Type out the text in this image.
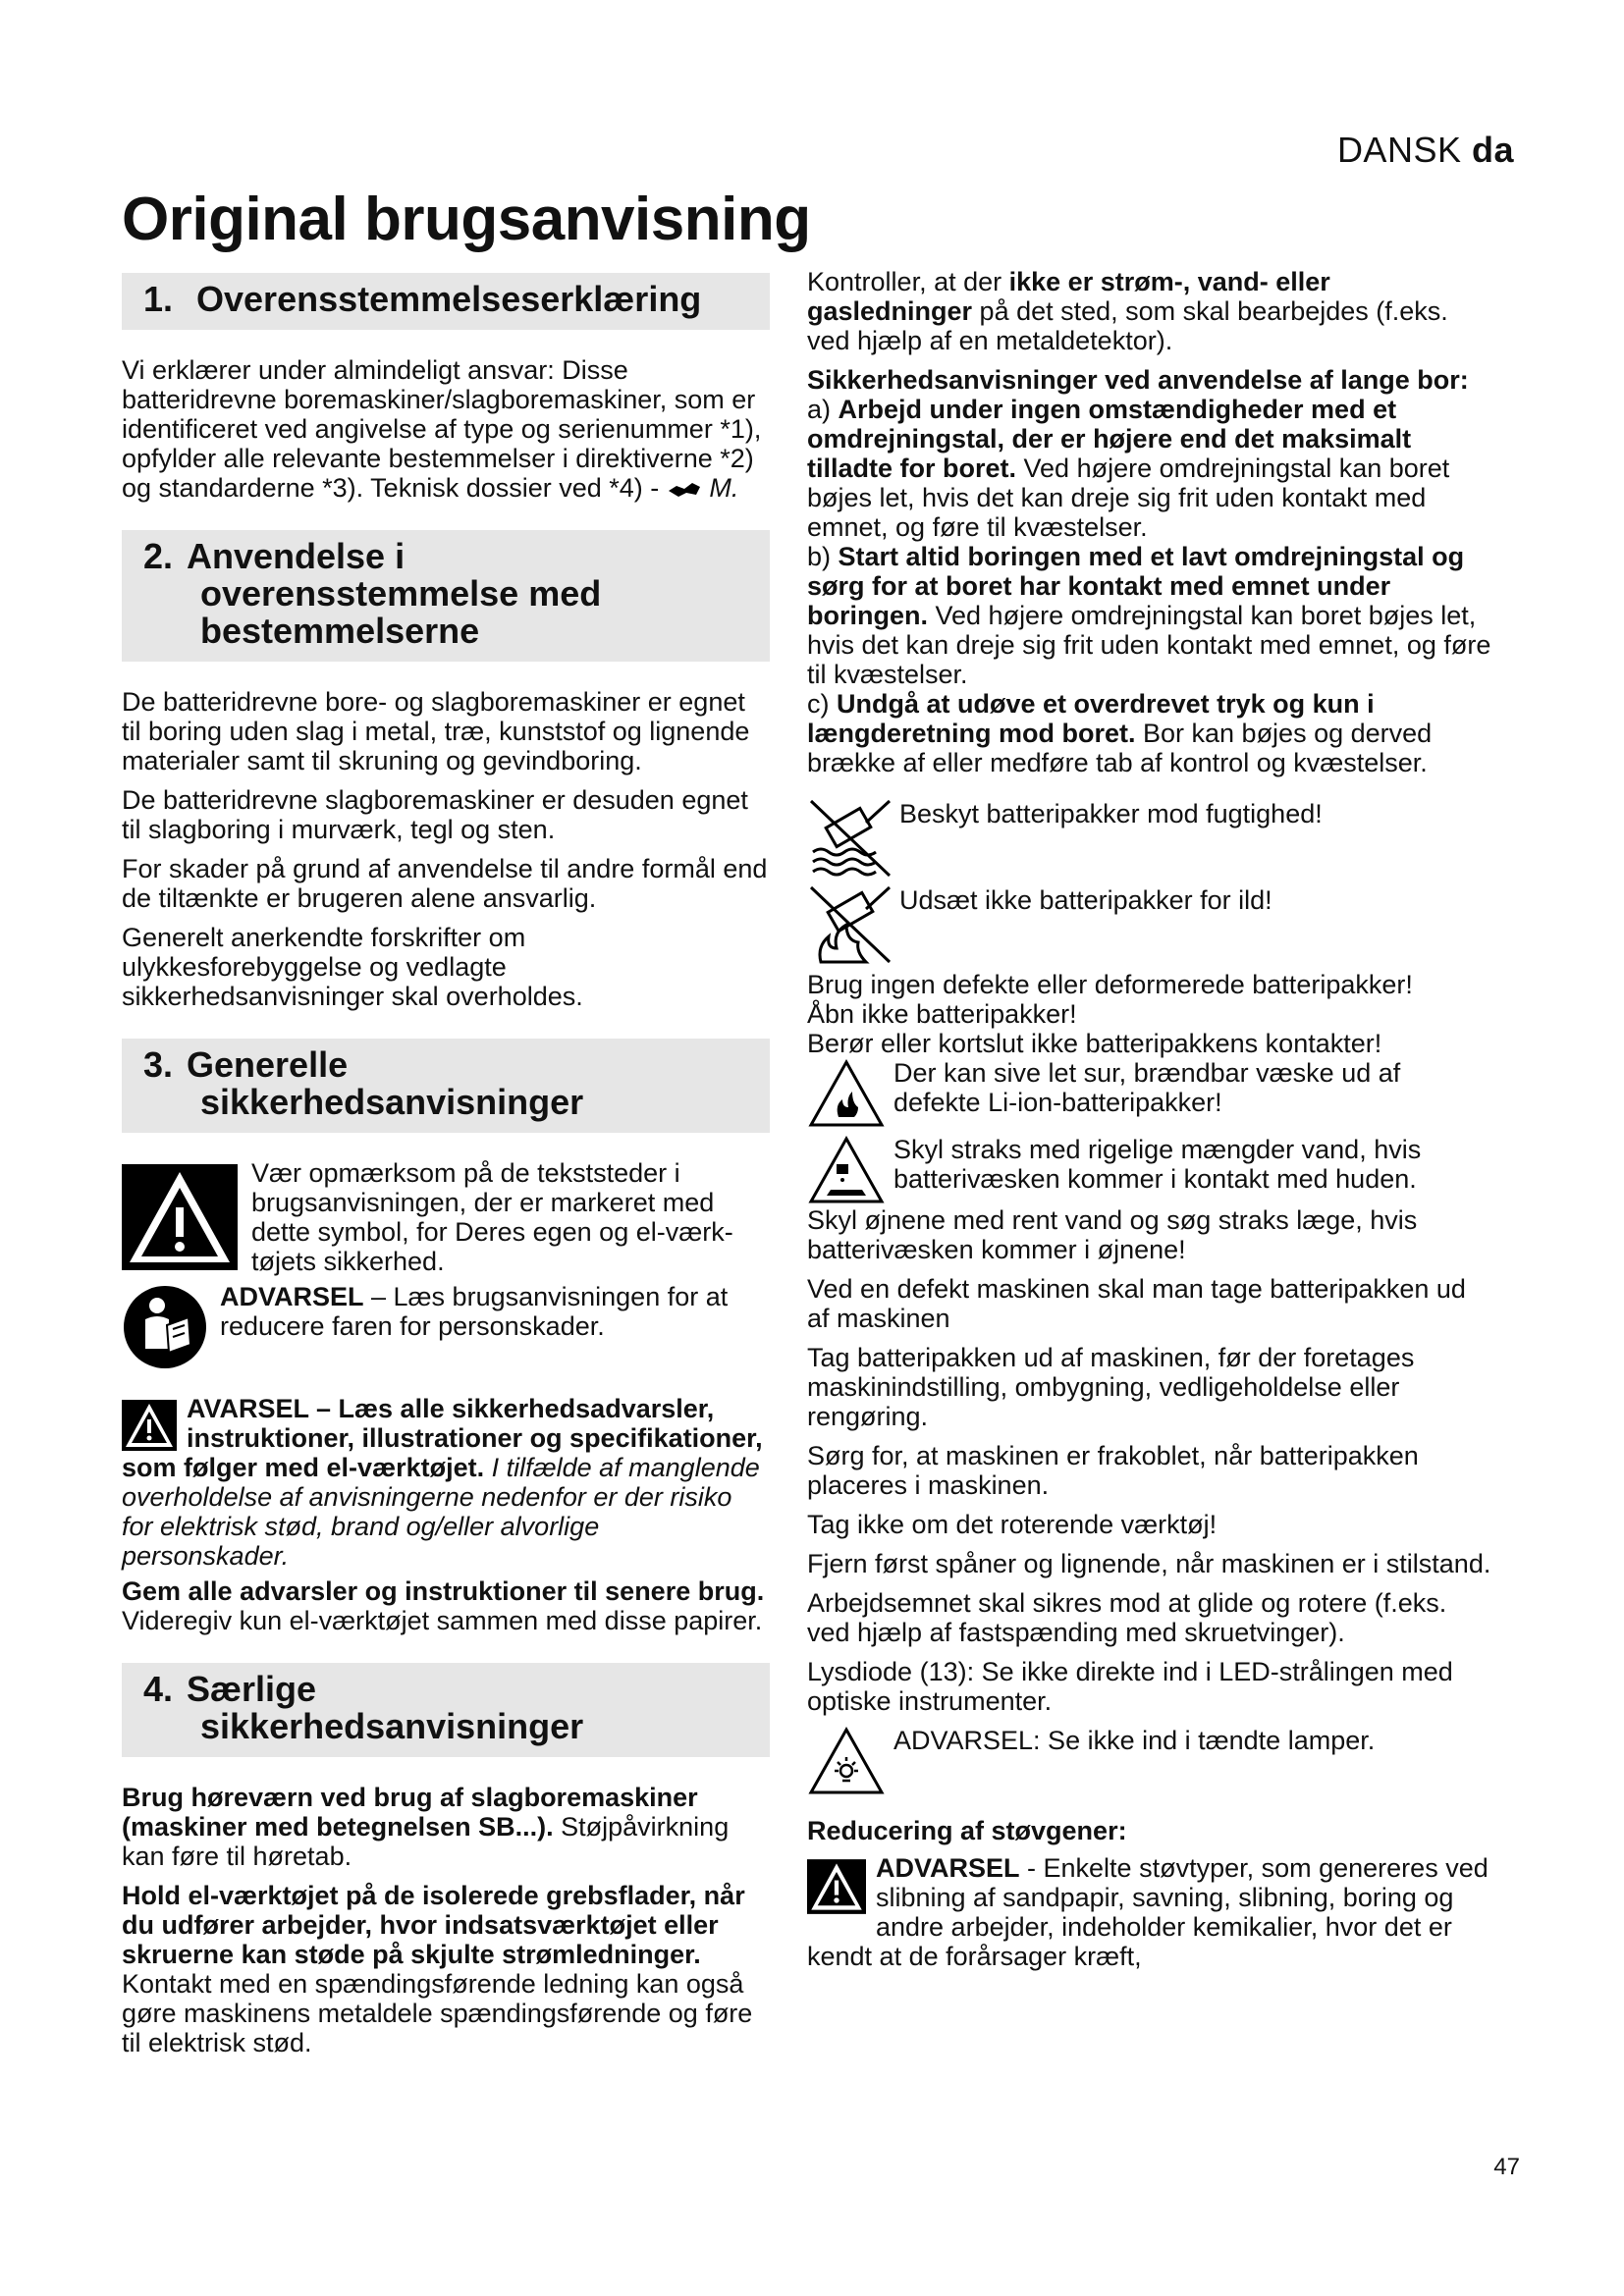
DANSK da
Original brugsanvisning
1. Overensstemmelseserklæring

Vi erklærer under almindeligt ansvar: Disse batteridrevne boremaskiner/slagboremaskiner, som er identificeret ved angivelse af type og serienummer *1), opfylder alle relevante bestemmelser i direktiverne *2) og standarderne *3). Teknisk dossier ved *4) - M.

2. Anvendelse i
overensstemmelse med
bestemmelserne

De batteridrevne bore- og slagboremaskiner er egnet til boring uden slag i metal, træ, kunststof og lignende materialer samt til skruning og gevindboring.

De batteridrevne slagboremaskiner er desuden egnet til slagboring i murværk, tegl og sten.

For skader på grund af anvendelse til andre formål end de tiltænkte er brugeren alene ansvarlig.

Generelt anerkendte forskrifter om ulykkesforebyggelse og vedlagte sikkerhedsanvisninger skal overholdes.

3. Generelle
sikkerhedsanvisninger

Vær opmærksom på de tekststeder i brugsanvisningen, der er markeret med dette symbol, for Deres egen og el-værk-tøjets sikkerhed.

ADVARSEL – Læs brugsanvisningen for at reducere faren for personskader.

AVARSEL – Læs alle sikkerhedsadvarsler, instruktioner, illustrationer og specifikationer, som følger med el-værktøjet. I tilfælde af manglende overholdelse af anvisningerne nedenfor er der risiko for elektrisk stød, brand og/eller alvorlige personskader.

Gem alle advarsler og instruktioner til senere brug. Videregiv kun el-værktøjet sammen med disse papirer.

4. Særlige
sikkerhedsanvisninger

Brug høreværn ved brug af slagboremaskiner (maskiner med betegnelsen SB...). Støjpåvirkning kan føre til høretab.

Hold el-værktøjet på de isolerede grebsflader, når du udfører arbejder, hvor indsatsværktøjet eller skruerne kan støde på skjulte strømledninger. Kontakt med en spændingsførende ledning kan også gøre maskinens metaldele spændingsførende og føre til elektrisk stød.

Kontroller, at der ikke er strøm-, vand- eller gasledninger på det sted, som skal bearbejdes (f.eks. ved hjælp af en metaldetektor).

Sikkerhedsanvisninger ved anvendelse af lange bor:

a) Arbejd under ingen omstændigheder med et omdrejningstal, der er højere end det maksimalt tilladte for boret. Ved højere omdrejningstal kan boret bøjes let, hvis det kan dreje sig frit uden kontakt med emnet, og føre til kvæstelser.

b) Start altid boringen med et lavt omdrejningstal og sørg for at boret har kontakt med emnet under boringen. Ved højere omdrejningstal kan boret bøjes let, hvis det kan dreje sig frit uden kontakt med emnet, og føre til kvæstelser.

c) Undgå at udøve et overdrevet tryk og kun i længderetning mod boret. Bor kan bøjes og derved brække af eller medføre tab af kontrol og kvæstelser.

Beskyt batteripakker mod fugtighed!
Udsæt ikke batteripakker for ild!

Brug ingen defekte eller deformerede batteripakker!

Åbn ikke batteripakker!

Berør eller kortslut ikke batteripakkens kontakter!

Der kan sive let sur, brændbar væske ud af defekte Li-ion-batteripakker!
Skyl straks med rigelige mængder vand, hvis batterivæsken kommer i kontakt med huden.

Skyl øjnene med rent vand og søg straks læge, hvis batterivæsken kommer i øjnene!

Ved en defekt maskinen skal man tage batteripakken ud af maskinen

Tag batteripakken ud af maskinen, før der foretages maskinindstilling, ombygning, vedligeholdelse eller rengøring.

Sørg for, at maskinen er frakoblet, når batteripakken placeres i maskinen.

Tag ikke om det roterende værktøj!

Fjern først spåner og lignende, når maskinen er i stilstand.

Arbejdsemnet skal sikres mod at glide og rotere (f.eks. ved hjælp af fastspænding med skruetvinger).

Lysdiode (13): Se ikke direkte ind i LED-strålingen med optiske instrumenter.

ADVARSEL: Se ikke ind i tændte lamper.

Reducering af støvgener:

ADVARSEL - Enkelte støvtyper, som genereres ved slibning af sandpapir, savning, slibning, boring og andre arbejder, indeholder kemikalier, hvor det er kendt at de forårsager kræft,

47
